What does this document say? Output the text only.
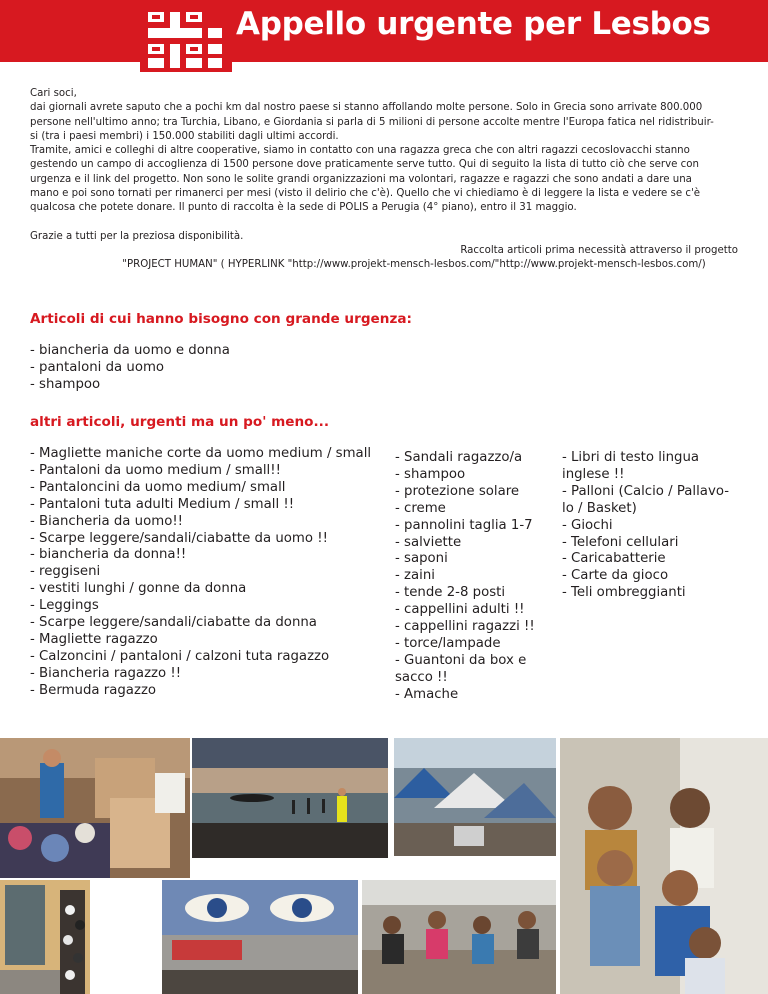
Appello urgente per Lesbos

Cari soci,

dai giornali avrete saputo che a pochi km dal nostro paese si stanno affollando molte persone. Solo in Grecia sono arrivate 800.000

persone nell'ultimo anno; tra Turchia, Libano, e Giordania si parla di 5 milioni di persone accolte mentre l'Europa fatica nel ridistribuir-

si (tra i paesi membri) i 150.000 stabiliti dagli ultimi accordi.

Tramite, amici e colleghi di altre cooperative, siamo in contatto con una ragazza greca che con altri ragazzi cecoslovacchi stanno

gestendo un campo di accoglienza di 1500 persone dove praticamente serve tutto. Qui di seguito la lista di tutto ciò che serve con

urgenza e il link del progetto. Non sono le solite grandi organizzazioni ma volontari, ragazze e ragazzi che sono andati a dare una

mano e poi sono tornati per rimanerci per mesi (visto il delirio che c'è). Quello che vi chiediamo è di leggere la lista e vedere se c'è

qualcosa che potete donare. Il punto di raccolta è la sede di POLIS a Perugia (4° piano), entro il 31 maggio.

Grazie a tutti per la preziosa disponibilità.

Raccolta articoli prima necessità attraverso il progetto

"PROJECT HUMAN" ( HYPERLINK "http://www.projekt-mensch-lesbos.com/"http://www.projekt-mensch-lesbos.com/)

Articoli di cui hanno bisogno con grande urgenza:
- biancheria da uomo e donna
- pantaloni da uomo
- shampoo
altri articoli, urgenti ma un po' meno...
- Magliette maniche corte da uomo medium / small
- Pantaloni da uomo medium / small!!
- Pantaloncini da uomo medium/ small
- Pantaloni tuta adulti Medium / small !!
- Biancheria da uomo!!
- Scarpe leggere/sandali/ciabatte da uomo !!
- biancheria da donna!!
- reggiseni
- vestiti lunghi / gonne da donna
- Leggings
- Scarpe leggere/sandali/ciabatte da donna
- Magliette ragazzo
- Calzoncini / pantaloni / calzoni tuta ragazzo
- Biancheria ragazzo !!
- Bermuda ragazzo
- Sandali ragazzo/a
- shampoo
- protezione solare
- creme
- pannolini taglia 1-7
- salviette
- saponi
- zaini
- tende 2-8 posti
- cappellini adulti !!
- cappellini ragazzi !!
- torce/lampade
- Guantoni da box e
sacco !!
- Amache
- Libri di testo lingua
inglese !!
- Palloni (Calcio / Pallavo-
lo / Basket)
- Giochi
- Telefoni cellulari
- Caricabatterie
- Carte da gioco
- Teli ombreggianti
